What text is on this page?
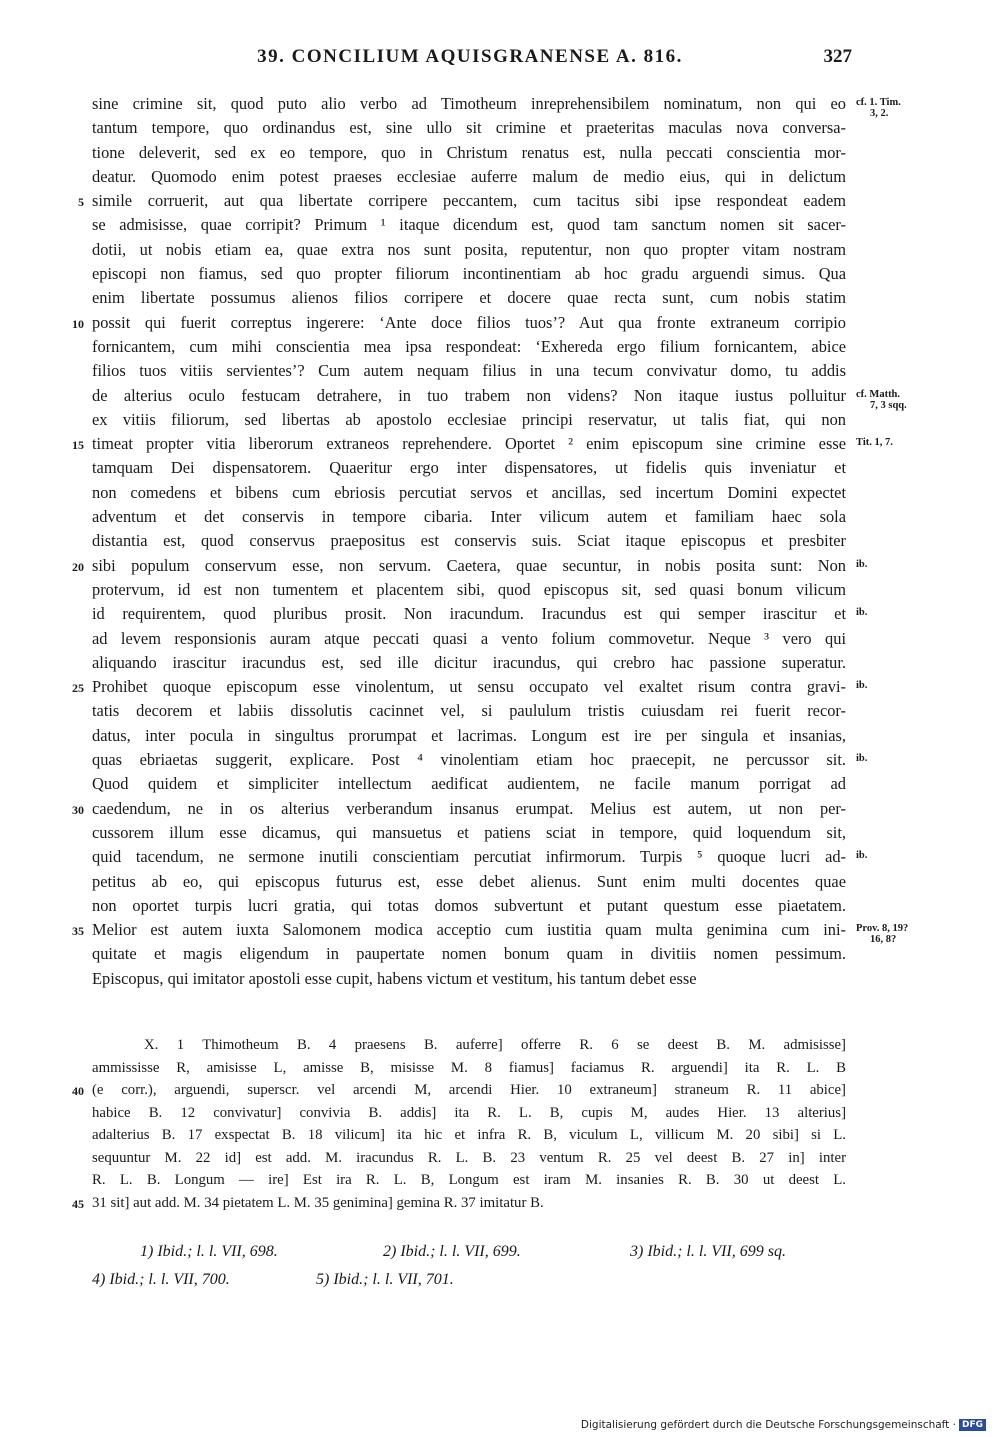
39. CONCILIUM AQUISGRANENSE A. 816.	327
sine crimine sit, quod puto alio verbo ad Timotheum inreprehensibilem nominatum, non qui eo cf. 1. Tim.
3, 2.
tantum tempore, quo ordinandus est, sine ullo sit crimine et praeteritas maculas nova conversa-
tione deleverit, sed ex eo tempore, quo in Christum renatus est, nulla peccati conscientia mor-
deatur. Quomodo enim potest praeses ecclesiae auferre malum de medio eius, qui in delictum
5 simile corruerit, aut qua libertate corripere peccantem, cum tacitus sibi ipse respondeat eadem
se admisisse, quae corripit? Primum ¹ itaque dicendum est, quod tam sanctum nomen sit sacer-
dotii, ut nobis etiam ea, quae extra nos sunt posita, reputentur, non quo propter vitam nostram
episcopi non fiamus, sed quo propter filiorum incontinentiam ab hoc gradu arguendi simus. Qua
enim libertate possumus alienos filios corripere et docere quae recta sunt, cum nobis statim
10 possit qui fuerit correptus ingerere: ‘Ante doce filios tuos’? Aut qua fronte extraneum corripio
fornicantem, cum mihi conscientia mea ipsa respondeat: ‘Exhereda ergo filium fornicantem, abice
filios tuos vitiis servientes’? Cum autem nequam filius in una tecum convivatur domo, tu addis
de alterius oculo festucam detrahere, in tuo trabem non videns? Non itaque iustus polluitur cf. Matth.
7, 3 sqq.
ex vitiis filiorum, sed libertas ab apostolo ecclesiae principi reservatur, ut talis fiat, qui non
15 timeat propter vitia liberorum extraneos reprehendere. Oportet ² enim episcopum sine crimine esse Tit. 1, 7.
tamquam Dei dispensatorem. Quaeritur ergo inter dispensatores, ut fidelis quis inveniatur et
non comedens et bibens cum ebriosis percutiat servos et ancillas, sed incertum Domini expectet
adventum et det conservis in tempore cibaria. Inter vilicum autem et familiam haec sola
distantia est, quod conservus praepositus est conservis suis. Sciat itaque episcopus et presbiter
20 sibi populum conservum esse, non servum. Caetera, quae secuntur, in nobis posita sunt: Non ib.
protervum, id est non tumentem et placentem sibi, quod episcopus sit, sed quasi bonum vilicum
id requirentem, quod pluribus prosit. Non iracundum. Iracundus est qui semper irascitur et ib.
ad levem responsionis auram atque peccati quasi a vento folium commovetur. Neque ³ vero qui
aliquando irascitur iracundus est, sed ille dicitur iracundus, qui crebro hac passione superatur.
25 Prohibet quoque episcopum esse vinolentum, ut sensu occupato vel exaltet risum contra gravi- ib.
tatis decorem et labiis dissolutis cacinnet vel, si paululum tristis cuiusdam rei fuerit recor-
datus, inter pocula in singultus prorumpat et lacrimas. Longum est ire per singula et insanias,
quas ebriaetas suggerit, explicare. Post ⁴ vinolentiam etiam hoc praecepit, ne percussor sit. ib.
Quod quidem et simpliciter intellectum aedificat audientem, ne facile manum porrigat ad
30 caedendum, ne in os alterius verberandum insanus erumpat. Melius est autem, ut non per-
cussorem illum esse dicamus, qui mansuetus et patiens sciat in tempore, quid loquendum sit,
quid tacendum, ne sermone inutili conscientiam percutiat infirmorum. Turpis ⁵ quoque lucri ad- ib.
petitus ab eo, qui episcopus futurus est, esse debet alienus. Sunt enim multi docentes quae
non oportet turpis lucri gratia, qui totas domos subvertunt et putant questum esse piaetatem.
35 Melior est autem iuxta Salomonem modica acceptio cum iustitia quam multa genimina cum ini- Prov. 8, 19?
16, 8?
quitate et magis eligendum in paupertate nomen bonum quam in divitiis nomen pessimum.
Episcopus, qui imitator apostoli esse cupit, habens victum et vestitum, his tantum debet esse
X. 1 Thimotheum B. 4 praesens B. auferre] offerre R. 6 se deest B. M. admisisse]
ammississe R, amisisse L, amisse B, misisse M. 8 fiamus] faciamus R. arguendi] ita R. L. B
40 (e corr.), arguendi, superscr. vel arcendi M, arcendi Hier. 10 extraneum] straneum R. 11 abice]
habice B. 12 convivatur] convivia B. addis] ita R. L. B, cupis M, audes Hier. 13 alterius]
adalterius B. 17 exspectat B. 18 vilicum] ita hic et infra R. B, viculum L, villicum M. 20 sibi] si L.
sequuntur M. 22 id] est add. M. iracundus R. L. B. 23 ventum R. 25 vel deest B. 27 in] inter
R. L. B. Longum — ire] Est ira R. L. B, Longum est iram M. insanies R. B. 30 ut deest L.
45 31 sit] aut add. M. 34 pietatem L. M. 35 genimina] gemina R. 37 imitatur B.
1) Ibid.; l. l. VII, 698.	2) Ibid.; l. l. VII, 699.	3) Ibid.; l. l. VII, 699 sq.
4) Ibid.; l. l. VII, 700.	5) Ibid.; l. l. VII, 701.
Digitalisierung gefördert durch die Deutsche Forschungsgemeinschaft · DFG
